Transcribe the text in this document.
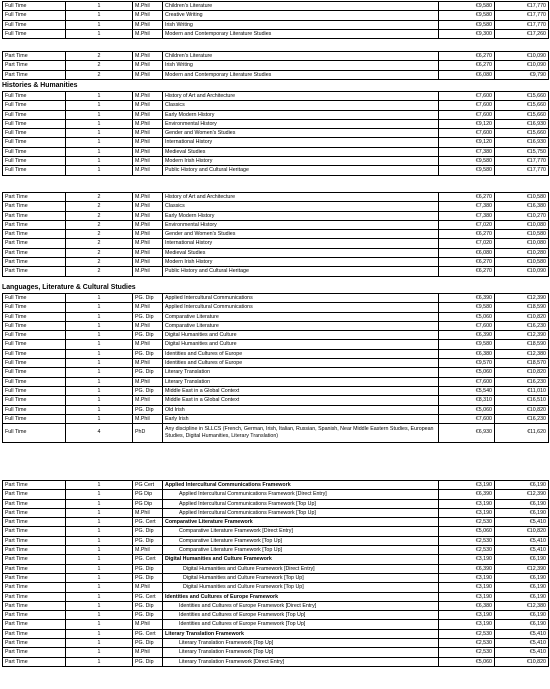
Full Time	1	M.Phil	Children's Literature	€9,580	€17,770
Full Time	1	M.Phil	Creative Writing	€9,580	€17,770
Full Time	1	M.Phil	Irish Writing	€9,580	€17,770
Full Time	1	M.Phil	Modern and Contemporary Literature Studies	€9,300	€17,260
Part Time	2	M.Phil	Children's Literature	€6,270	€10,090
Part Time	2	M.Phil	Irish Writing	€6,270	€10,090
Part Time	2	M.Phil	Modern and Contemporary Literature Studies	€6,080	€9,790
Histories & Humanities
Full Time	1	M.Phil	History of Art and Architecture	€7,600	€15,660
Full Time	1	M.Phil	Classics	€7,600	€15,660
Full Time	1	M.Phil	Early Modern History	€7,600	€15,660
Full Time	1	M.Phil	Environmental History	€9,120	€16,930
Full Time	1	M.Phil	Gender and Women's Studies	€7,600	€15,660
Full Time	1	M.Phil	International History	€9,120	€16,930
Full Time	1	M.Phil	Medieval Studies	€7,380	€15,750
Full Time	1	M.Phil	Modern Irish History	€9,580	€17,770
Full Time	1	M.Phil	Public History and Cultural Heritage	€9,580	€17,770
Part Time	2	M.Phil	History of Art and Architecture	€6,270	€10,580
Part Time	2	M.Phil	Classics	€7,380	€16,380
Part Time	2	M.Phil	Early Modern History	€7,380	€10,270
Part Time	2	M.Phil	Environmental History	€7,020	€10,080
Part Time	2	M.Phil	Gender and Women's Studies	€6,270	€10,580
Part Time	2	M.Phil	International History	€7,020	€10,080
Part Time	2	M.Phil	Medieval Studies	€6,080	€10,280
Part Time	2	M.Phil	Modern Irish History	€6,270	€10,580
Part Time	2	M.Phil	Public History and Cultural Heritage	€6,270	€10,090
Languages, Literature & Cultural Studies
Full Time	1	PG. Dip	Applied Intercultural Communications	€6,390	€12,390
Full Time	1	M.Phil	Applied Intercultural Communications	€9,580	€18,590
Full Time	1	PG. Dip	Comparative Literature	€5,060	€10,820
Full Time	1	M.Phil	Comparative Literature	€7,600	€16,230
Full Time	1	PG. Dip	Digital Humanities and Culture	€6,390	€12,390
Full Time	1	M.Phil	Digital Humanities and Culture	€9,580	€18,590
Full Time	1	PG. Dip	Identities and Cultures of Europe	€6,380	€12,380
Full Time	1	M.Phil	Identities and Cultures of Europe	€9,570	€18,570
Full Time	1	PG. Dip	Literary Translation	€5,060	€10,820
Full Time	1	M.Phil	Literary Translation	€7,600	€16,230
Full Time	1	PG. Dip	Middle East in a Global Context	€5,540	€11,010
Full Time	1	M.Phil	Middle East in a Global Context	€8,310	€16,510
Full Time	1	PG. Dip	Old Irish	€5,060	€10,820
Full Time	1	M.Phil	Early Irish	€7,600	€16,230
Full Time	4	PhD	Any discipline in SLLCS (French, German, Irish, Italian, Russian, Spanish, Near Middle Eastern Studies, European Studies, Digital Humanities, Literary Translation)	€6,930	€11,620
Part Time	1	PG Cert	Applied Intercultural Communications Framework	€3,190	€6,190
Part Time	1	PG Dip	Applied Intercultural Communications Framework [Direct Entry]	€6,390	€12,390
Part Time	1	PG Dip	Applied Intercultural Communications Framework [Top Up]	€3,190	€6,190
Part Time	1	M.Phil	Applied Intercultural Communications Framework [Top Up]	€3,190	€6,190
Part Time	1	PG. Cert	Comparative Literature Framework	€2,530	€5,410
Part Time	1	PG. Dip	Comparative Literature Framework [Direct Entry]	€5,060	€10,820
Part Time	1	PG. Dip	Comparative Literature Framework [Top Up]	€2,530	€5,410
Part Time	1	M.Phil	Comparative Literature Framework [Top Up]	€2,530	€5,410
Part Time	1	PG. Cert	Digital Humanities and Culture Framework	€3,190	€6,190
Part Time	1	PG. Dip	Digital Humanities and Culture Framework [Direct Entry]	€6,390	€12,390
Part Time	1	PG. Dip	Digital Humanities and Culture Framework [Top Up]	€3,190	€6,190
Part Time	1	M.Phil	Digital Humanities and Culture Framework [Top Up]	€3,190	€6,190
Part Time	1	PG. Cert	Identities and Cultures of Europe Framework	€3,190	€6,190
Part Time	1	PG. Dip	Identities and Cultures of Europe Framework [Direct Entry]	€6,380	€12,380
Part Time	1	PG. Dip	Identities and Cultures of Europe Framework [Top Up]	€3,190	€6,190
Part Time	1	M.Phil	Identities and Cultures of Europe Framework [Top Up]	€3,190	€6,190
Part Time	1	PG. Cert	Literary Translation Framework	€2,530	€5,410
Part Time	1	PG. Dip	Literary Translation Framework [Top Up]	€2,530	€5,410
Part Time	1	M.Phil	Literary Translation Framework [Top Up]	€2,530	€5,410
Part Time	1	PG. Dip	Literary Translation Framework [Direct Entry]	€5,060	€10,820
